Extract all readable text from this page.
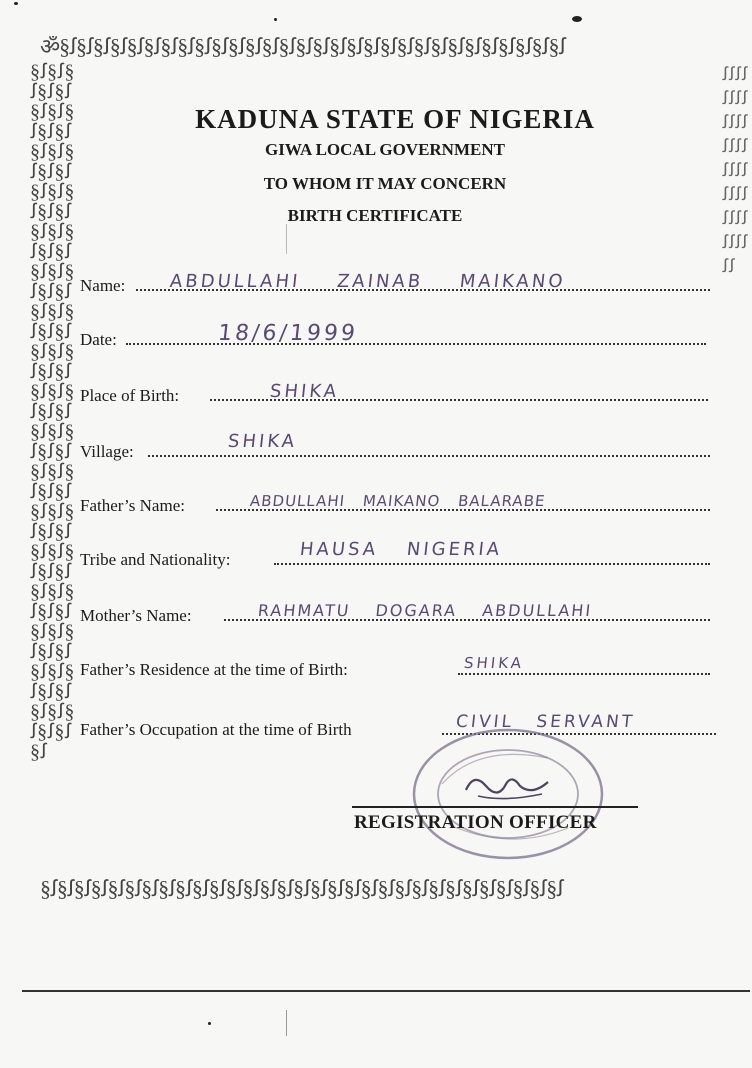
ॐ§ꭍ§ꭍ§ꭍ§ꭍ§ꭍ§ꭍ§ꭍ§ꭍ§ꭍ§ꭍ§ꭍ§ꭍ§ꭍ§ꭍ§ꭍ§ꭍ§ꭍ§ꭍ§ꭍ§ꭍ§ꭍ§ꭍ§ꭍ§ꭍ§ꭍ§ꭍ§ꭍ§ꭍ§ꭍ§ꭍ
§ꭍ§ꭍ§ꭍ§ꭍ§ꭍ§ꭍ§ꭍ§ꭍ§ꭍ§ꭍ§ꭍ§ꭍ§ꭍ§ꭍ§ꭍ§ꭍ§ꭍ§ꭍ§ꭍ§ꭍ§ꭍ§ꭍ§ꭍ§ꭍ§ꭍ§ꭍ§ꭍ§ꭍ§ꭍ§ꭍ§ꭍ
§ꭍ§ꭍ§ꭍ§ꭍ§ꭍ§ꭍ§ꭍ§ꭍ§ꭍ§ꭍ§ꭍ§ꭍ§ꭍ§ꭍ§ꭍ§ꭍ§ꭍ§ꭍ§ꭍ§ꭍ§ꭍ§ꭍ§ꭍ§ꭍ§ꭍ§ꭍ§ꭍ§ꭍ§ꭍ§ꭍ§ꭍ§ꭍ§ꭍ§ꭍ§ꭍ§ꭍ§ꭍ§ꭍ§ꭍ§ꭍ§ꭍ§ꭍ§ꭍ§ꭍ§ꭍ§ꭍ§ꭍ§ꭍ§ꭍ§ꭍ§ꭍ§ꭍ§ꭍ§ꭍ§ꭍ§ꭍ§ꭍ§ꭍ§ꭍ§ꭍ§ꭍ§ꭍ§ꭍ§ꭍ§ꭍ§ꭍ§ꭍ§ꭍ§ꭍ§ꭍ§ꭍ§ꭍ§ꭍ§ꭍ§ꭍ§ꭍ§ꭍ§ꭍ§ꭍ§ꭍ§ꭍ§ꭍ§ꭍ§ꭍ§ꭍ§ꭍ
ꭍꭍꭍꭍꭍꭍꭍꭍꭍꭍꭍꭍꭍꭍꭍꭍꭍꭍꭍꭍꭍꭍꭍꭍꭍꭍꭍꭍꭍꭍꭍꭍꭍꭍ
KADUNA STATE OF NIGERIA
GIWA LOCAL GOVERNMENT
TO WHOM IT MAY CONCERN
BIRTH CERTIFICATE
Name: ABDULLAHI ZAINAB MAIKANO
Date:	18/6/1999
Place of Birth:	SHIKA
Village:	SHIKA
Father’s Name:	ABDULLAHI MAIKANO BALARABE
Tribe and Nationality:	HAUSA NIGERIA
Mother’s Name:	RAHMATU DOGARA ABDULLAHI
Father’s Residence at the time of Birth:	SHIKA
Father’s Occupation at the time of Birth	CIVIL SERVANT
REGISTRATION OFFICER
